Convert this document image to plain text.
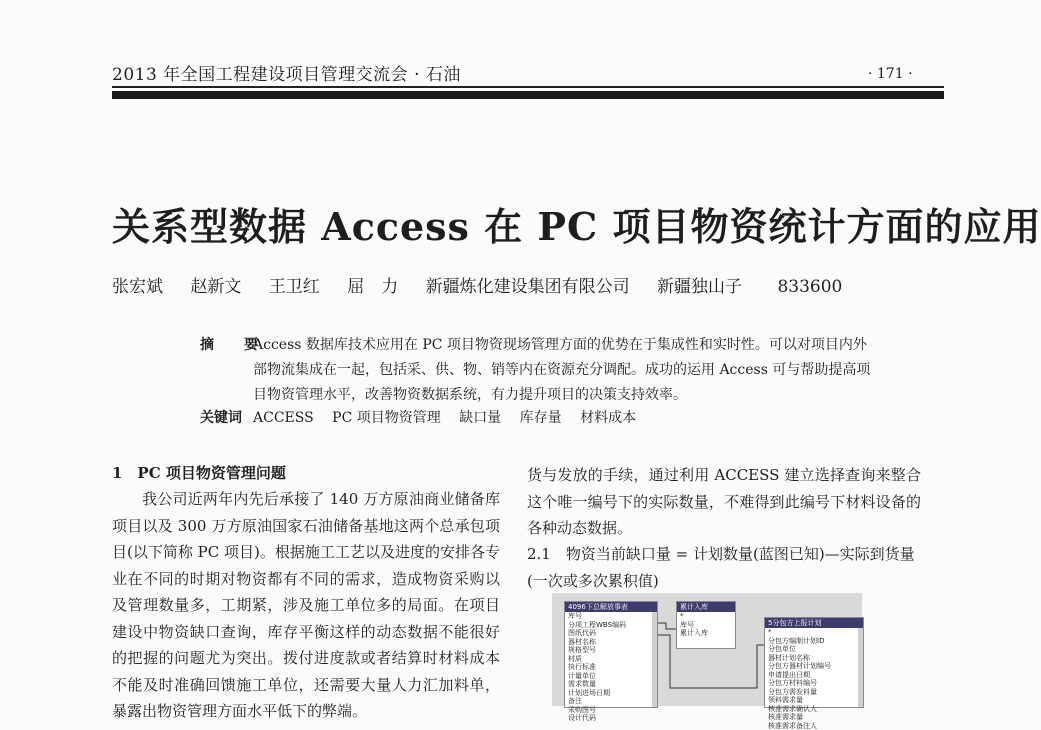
2013 年全国工程建设项目管理交流会 · 石油	· 171 ·
关系型数据 Access 在 PC 项目物资统计方面的应用
张宏斌 赵新文 王卫红 屈　力 新疆炼化建设集团有限公司 新疆独山子 833600
摘　要
Access 数据库技术应用在 PC 项目物资现场管理方面的优势在于集成性和实时性。可以对项目内外部物流集成在一起，包括采、供、物、销等内在资源充分调配。成功的运用 Access 可与帮助提高项目物资管理水平，改善物资数据系统，有力提升项目的决策支持效率。
关键词 ACCESS PC 项目物资管理 缺口量 库存量 材料成本
1　PC 项目物资管理问题

我公司近两年内先后承接了 140 万方原油商业储备库项目以及 300 万方原油国家石油储备基地这两个总承包项目(以下简称 PC 项目)。根据施工工艺以及进度的安排各专业在不同的时期对物资都有不同的需求，造成物资采购以及管理数量多，工期紧，涉及施工单位多的局面。在项目建设中物资缺口查询，库存平衡这样的动态数据不能很好的把握的问题尤为突出。拨付进度款或者结算时材料成本不能及时准确回馈施工单位，还需要大量人力汇加料单，暴露出物资管理方面水平低下的弊端。

货与发放的手续，通过利用 ACCESS 建立选择查询来整合这个唯一编号下的实际数量，不难得到此编号下材料设备的各种动态数据。

2.1　物资当前缺口量 = 计划数量(蓝图已知)—实际到货量(一次或多次累积值)
4096下总解放事表
库号
分项工程WBS编码
图纸代码
器材名称
规格型号
材质
执行标准
计量单位
需求数量
计划进场日期
备注
采购图号
设计代码
累计入库
*
库号
累计入库
5分包方上报计划
*
分包方编制计划ID
分包单位
器材计划名称
分包方器材计划编号
申请提出日期
分包方材料编号
分包方需发料量
领料需求量
核准需求确认人
核准需求量
核准需求备注人
